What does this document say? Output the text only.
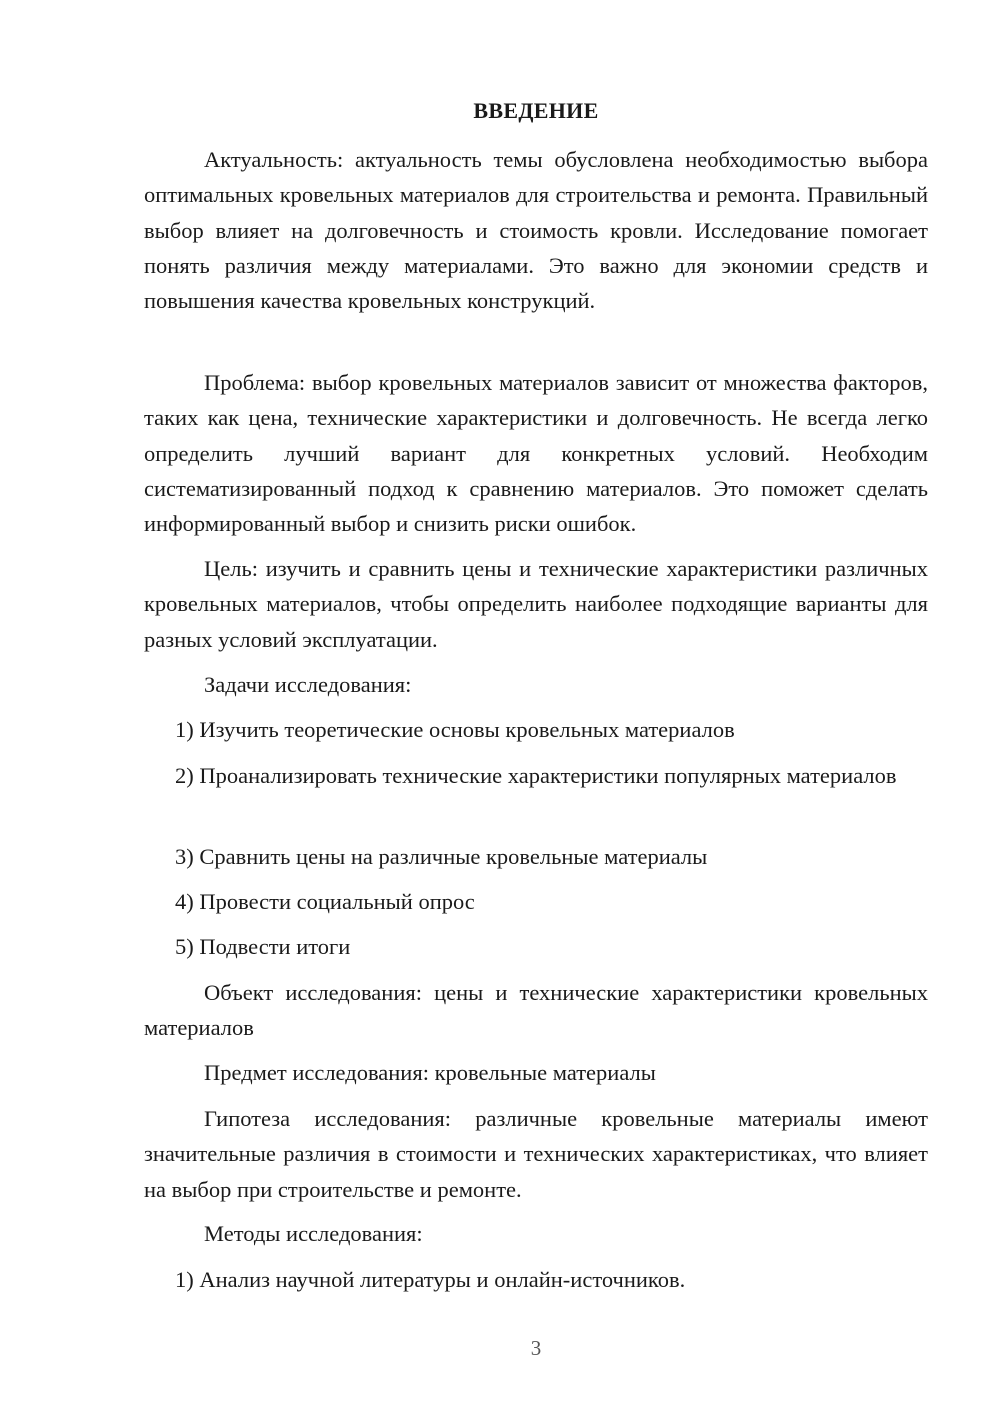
ВВЕДЕНИЕ

Актуальность: актуальность темы обусловлена необходимостью выбора оптимальных кровельных материалов для строительства и ремонта. Правильный выбор влияет на долговечность и стоимость кровли. Исследование помогает понять различия между материалами. Это важно для экономии средств и повышения качества кровельных конструкций.

Проблема: выбор кровельных материалов зависит от множества факторов, таких как цена, технические характеристики и долговечность. Не всегда легко определить лучший вариант для конкретных условий. Необходим систематизированный подход к сравнению материалов. Это поможет сделать информированный выбор и снизить риски ошибок.

Цель: изучить и сравнить цены и технические характеристики различных кровельных материалов, чтобы определить наиболее подходящие варианты для разных условий эксплуатации.

Задачи исследования:

1) Изучить теоретические основы кровельных материалов

2) Проанализировать технические характеристики популярных материалов

3) Сравнить цены на различные кровельные материалы

4) Провести социальный опрос

5) Подвести итоги

Объект исследования: цены и технические характеристики кровельных материалов

Предмет исследования: кровельные материалы

Гипотеза исследования: различные кровельные материалы имеют значительные различия в стоимости и технических характеристиках, что влияет на выбор при строительстве и ремонте.

Методы исследования:

1) Анализ научной литературы и онлайн-источников.

3
